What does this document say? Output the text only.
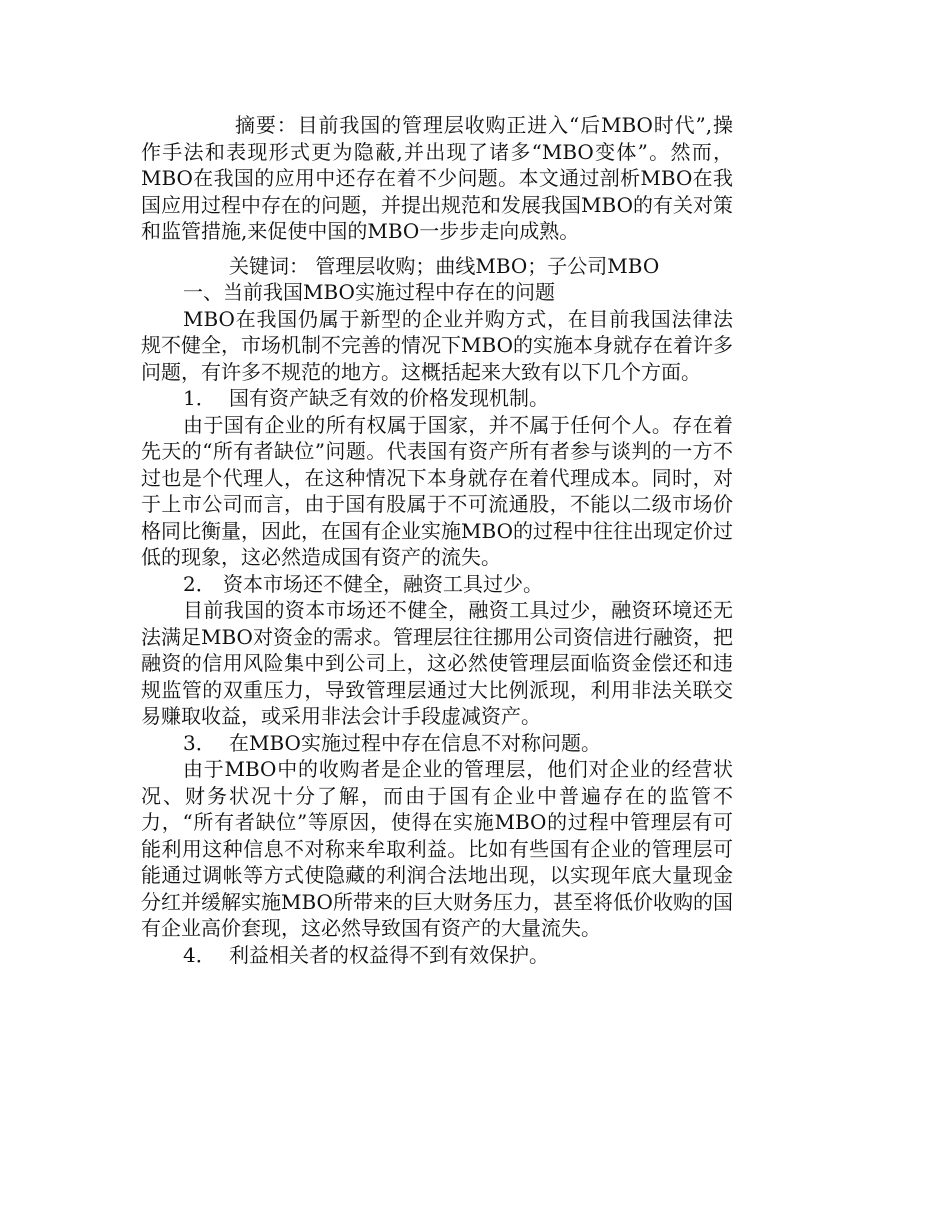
摘要：目前我国的管理层收购正进入“后MBO时代”,操作手法和表现形式更为隐蔽,并出现了诸多“MBO变体”。然而，MBO在我国的应用中还存在着不少问题。本文通过剖析MBO在我国应用过程中存在的问题，并提出规范和发展我国MBO的有关对策和监管措施,来促使中国的MBO一步步走向成熟。

关键词： 管理层收购；曲线MBO；子公司MBO

一、当前我国MBO实施过程中存在的问题

MBO在我国仍属于新型的企业并购方式，在目前我国法律法规不健全，市场机制不完善的情况下MBO的实施本身就存在着许多问题，有许多不规范的地方。这概括起来大致有以下几个方面。

1． 国有资产缺乏有效的价格发现机制。

由于国有企业的所有权属于国家，并不属于任何个人。存在着先天的“所有者缺位”问题。代表国有资产所有者参与谈判的一方不过也是个代理人，在这种情况下本身就存在着代理成本。同时，对于上市公司而言，由于国有股属于不可流通股，不能以二级市场价格同比衡量，因此，在国有企业实施MBO的过程中往往出现定价过低的现象，这必然造成国有资产的流失。

2． 资本市场还不健全，融资工具过少。

目前我国的资本市场还不健全，融资工具过少，融资环境还无法满足MBO对资金的需求。管理层往往挪用公司资信进行融资，把融资的信用风险集中到公司上，这必然使管理层面临资金偿还和违规监管的双重压力，导致管理层通过大比例派现，利用非法关联交易赚取收益，或采用非法会计手段虚减资产。

3． 在MBO实施过程中存在信息不对称问题。

由于MBO中的收购者是企业的管理层，他们对企业的经营状况、财务状况十分了解，而由于国有企业中普遍存在的监管不力，“所有者缺位”等原因，使得在实施MBO的过程中管理层有可能利用这种信息不对称来牟取利益。比如有些国有企业的管理层可能通过调帐等方式使隐藏的利润合法地出现，以实现年底大量现金分红并缓解实施MBO所带来的巨大财务压力，甚至将低价收购的国有企业高价套现，这必然导致国有资产的大量流失。

4． 利益相关者的权益得不到有效保护。
